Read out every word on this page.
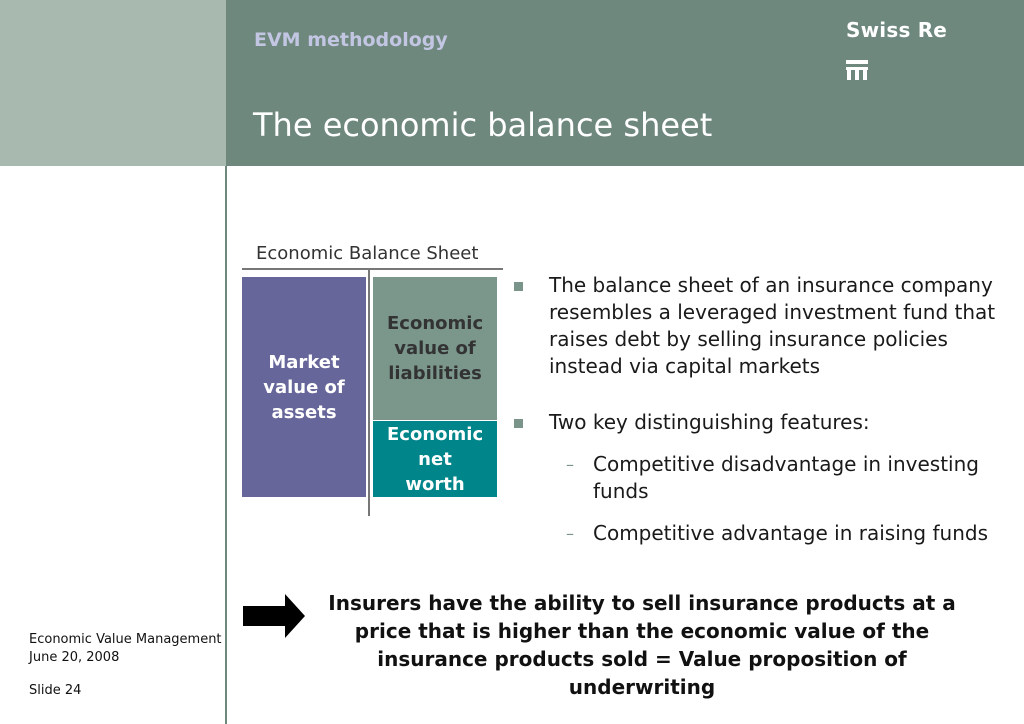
EVM methodology
The economic balance sheet
Swiss Re
Economic Balance Sheet
Market value of assets
Economic value of liabilities
Economic net worth
The balance sheet of an insurance company resembles a leveraged investment fund that raises debt by selling insurance policies instead via capital markets
Two key distinguishing features:
– Competitive disadvantage in investing funds
– Competitive advantage in raising funds
Insurers have the ability to sell insurance products at a price that is higher than the economic value of the insurance products sold = Value proposition of underwriting
Economic Value Management
June 20, 2008
Slide 24
